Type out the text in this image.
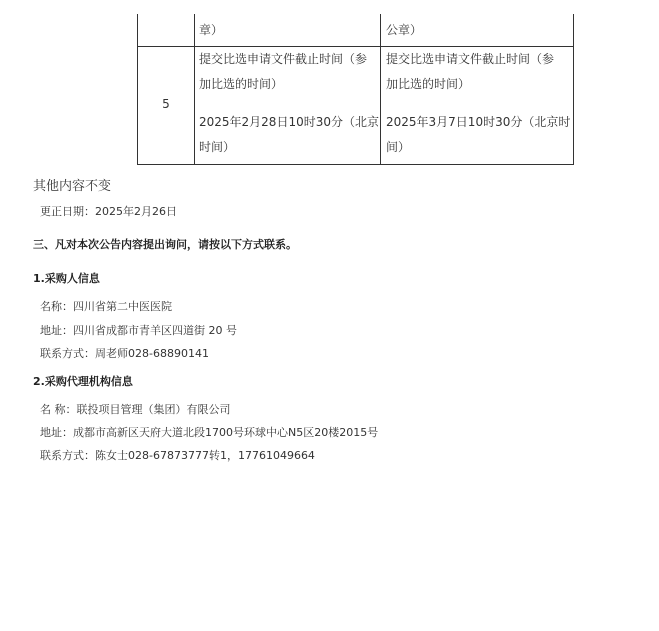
章）	公章）
5
提交比选申请文件截止时间（参
加比选的时间）
2025年2月28日10时30分（北京
时间）
提交比选申请文件截止时间（参
加比选的时间）
2025年3月7日10时30分（北京时
间）
其他内容不变
更正日期：2025年2月26日
三、凡对本次公告内容提出询问，请按以下方式联系。
1.采购人信息
名称：四川省第二中医医院
地址：四川省成都市青羊区四道街 20 号
联系方式：周老师028-68890141
2.采购代理机构信息
名 称：联投项目管理（集团）有限公司
地址：成都市高新区天府大道北段1700号环球中心N5区20楼2015号
联系方式：陈女士028-67873777转1，17761049664
